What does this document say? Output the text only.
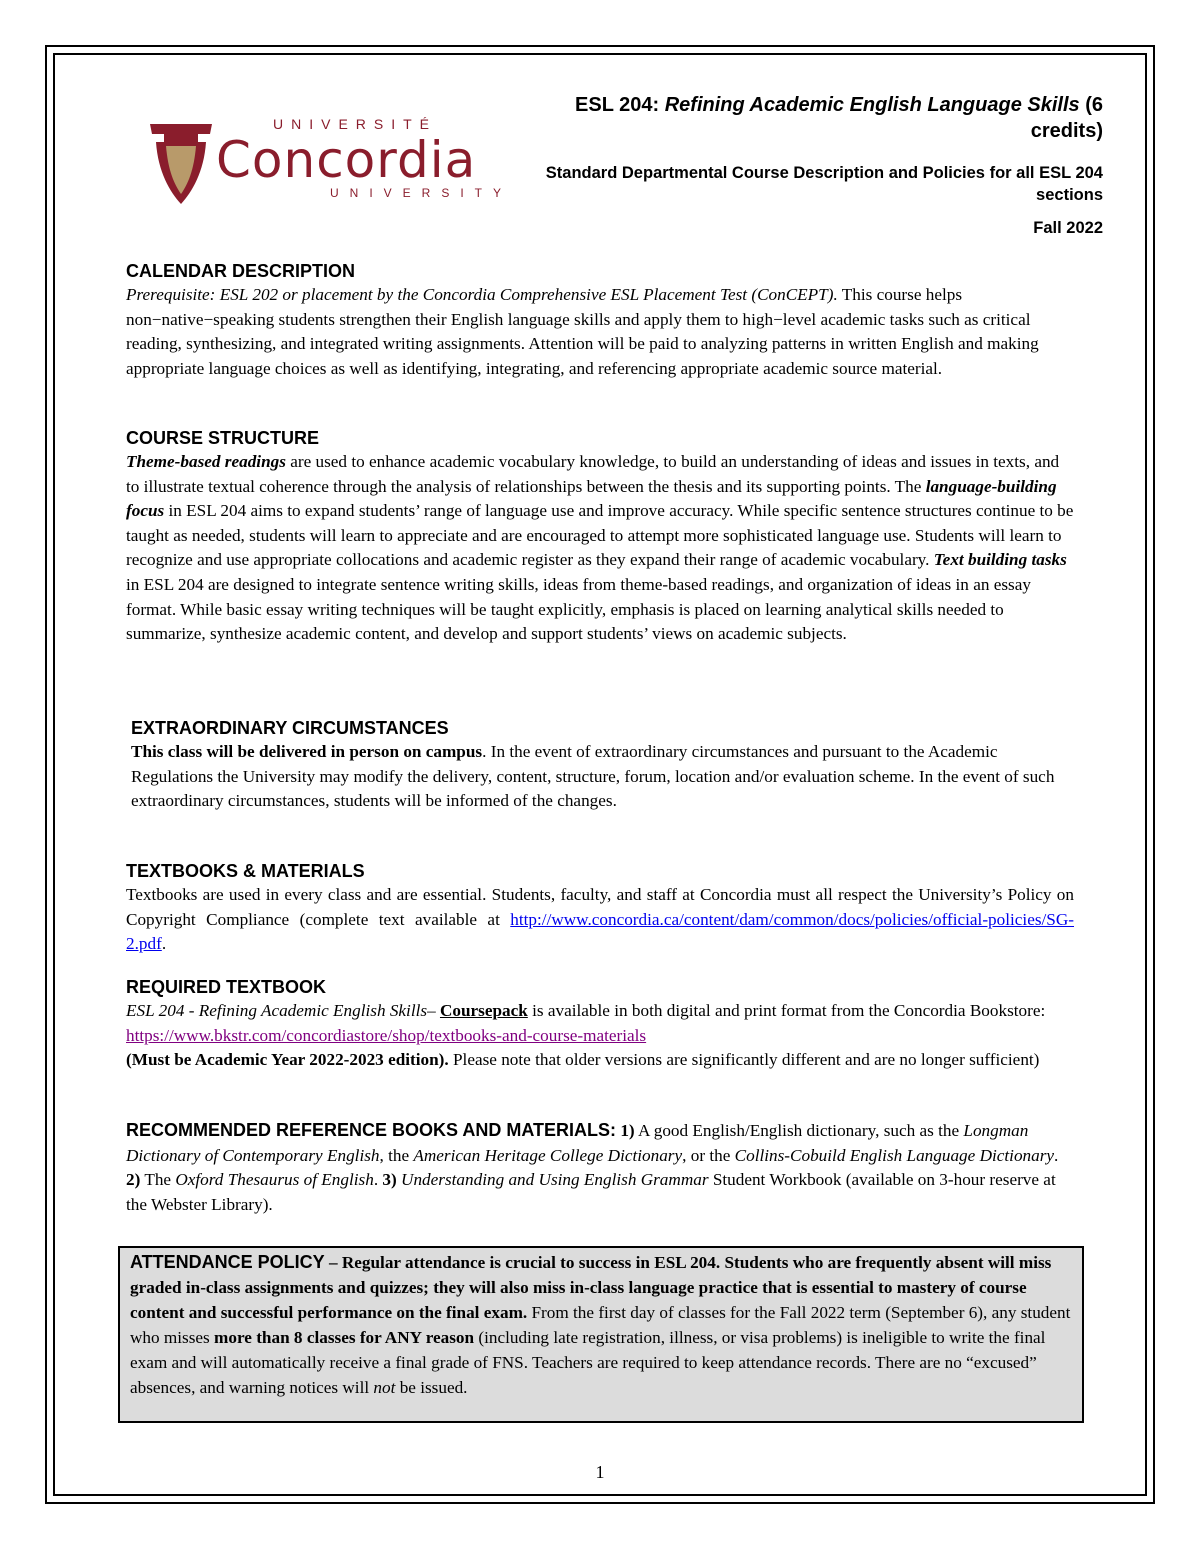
UNIVERSITÉ
Concordia
UNIVERSITY
ESL 204: Refining Academic English Language Skills (6 credits)
Standard Departmental Course Description and Policies for all ESL 204 sections
Fall 2022
CALENDAR DESCRIPTION
Prerequisite: ESL 202 or placement by the Concordia Comprehensive ESL Placement Test (ConCEPT). This course helps non−native−speaking students strengthen their English language skills and apply them to high−level academic tasks such as critical reading, synthesizing, and integrated writing assignments. Attention will be paid to analyzing patterns in written English and making appropriate language choices as well as identifying, integrating, and referencing appropriate academic source material.
COURSE STRUCTURE
Theme-based readings are used to enhance academic vocabulary knowledge, to build an understanding of ideas and issues in texts, and to illustrate textual coherence through the analysis of relationships between the thesis and its supporting points. The language-building focus in ESL 204 aims to expand students’ range of language use and improve accuracy. While specific sentence structures continue to be taught as needed, students will learn to appreciate and are encouraged to attempt more sophisticated language use. Students will learn to recognize and use appropriate collocations and academic register as they expand their range of academic vocabulary. Text building tasks in ESL 204 are designed to integrate sentence writing skills, ideas from theme-based readings, and organization of ideas in an essay format. While basic essay writing techniques will be taught explicitly, emphasis is placed on learning analytical skills needed to summarize, synthesize academic content, and develop and support students’ views on academic subjects.
EXTRAORDINARY CIRCUMSTANCES
This class will be delivered in person on campus. In the event of extraordinary circumstances and pursuant to the Academic Regulations the University may modify the delivery, content, structure, forum, location and/or evaluation scheme. In the event of such extraordinary circumstances, students will be informed of the changes.
TEXTBOOKS & MATERIALS
Textbooks are used in every class and are essential. Students, faculty, and staff at Concordia must all respect the University’s Policy on Copyright Compliance (complete text available at http://www.concordia.ca/content/dam/common/docs/policies/official-policies/SG-2.pdf.
REQUIRED TEXTBOOK
ESL 204 - Refining Academic English Skills– Coursepack is available in both digital and print format from the Concordia Bookstore: https://www.bkstr.com/concordiastore/shop/textbooks-and-course-materials
(Must be Academic Year 2022-2023 edition). Please note that older versions are significantly different and are no longer sufficient)
RECOMMENDED REFERENCE BOOKS AND MATERIALS: 1) A good English/English dictionary, such as the Longman Dictionary of Contemporary English, the American Heritage College Dictionary, or the Collins-Cobuild English Language Dictionary. 2) The Oxford Thesaurus of English. 3) Understanding and Using English Grammar Student Workbook (available on 3-hour reserve at the Webster Library).
ATTENDANCE POLICY – Regular attendance is crucial to success in ESL 204. Students who are frequently absent will miss graded in-class assignments and quizzes; they will also miss in-class language practice that is essential to mastery of course content and successful performance on the final exam. From the first day of classes for the Fall 2022 term (September 6), any student who misses more than 8 classes for ANY reason (including late registration, illness, or visa problems) is ineligible to write the final exam and will automatically receive a final grade of FNS. Teachers are required to keep attendance records. There are no “excused” absences, and warning notices will not be issued.
1
